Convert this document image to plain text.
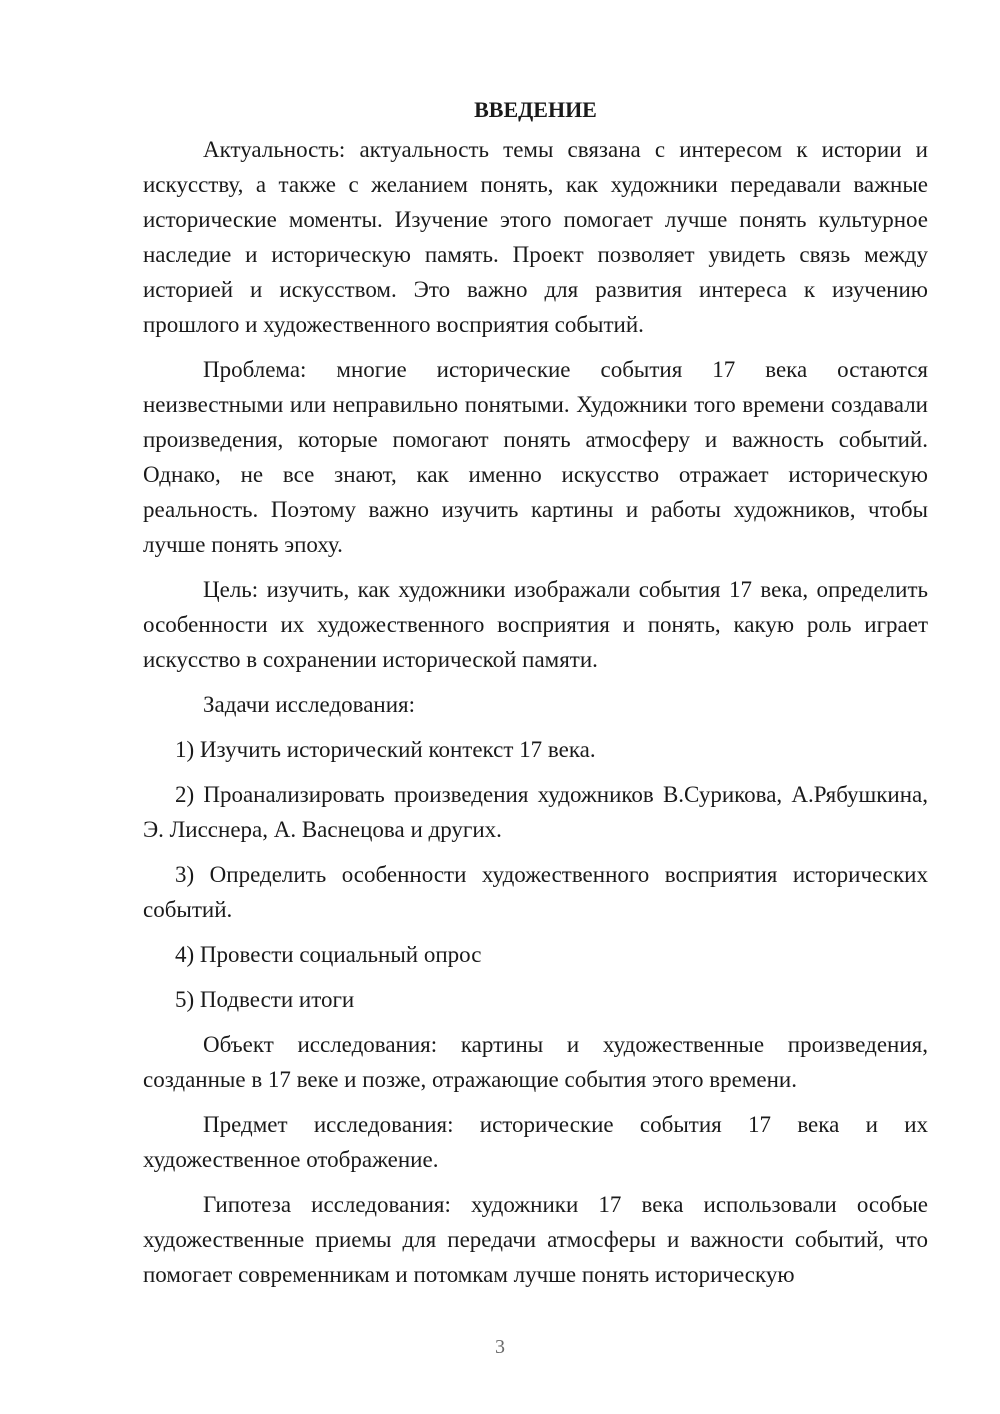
ВВЕДЕНИЕ

Актуальность: актуальность темы связана с интересом к истории и искусству, а также с желанием понять, как художники передавали важные исторические моменты. Изучение этого помогает лучше понять культурное наследие и историческую память. Проект позволяет увидеть связь между историей и искусством. Это важно для развития интереса к изучению прошлого и художественного восприятия событий.

Проблема: многие исторические события 17 века остаются неизвестными или неправильно понятыми. Художники того времени создавали произведения, которые помогают понять атмосферу и важность событий. Однако, не все знают, как именно искусство отражает историческую реальность. Поэтому важно изучить картины и работы художников, чтобы лучше понять эпоху.

Цель: изучить, как художники изображали события 17 века, определить особенности их художественного восприятия и понять, какую роль играет искусство в сохранении исторической памяти.

Задачи исследования:

1) Изучить исторический контекст 17 века.

2) Проанализировать произведения художников В.Сурикова, А.Рябушкина, Э. Лисснера, А. Васнецова и других.

3) Определить особенности художественного восприятия исторических событий.

4) Провести социальный опрос

5) Подвести итоги

Объект исследования: картины и художественные произведения, созданные в 17 веке и позже, отражающие события этого времени.

Предмет исследования: исторические события 17 века и их художественное отображение.

Гипотеза исследования: художники 17 века использовали особые художественные приемы для передачи атмосферы и важности событий, что помогает современникам и потомкам лучше понять историческую

3
